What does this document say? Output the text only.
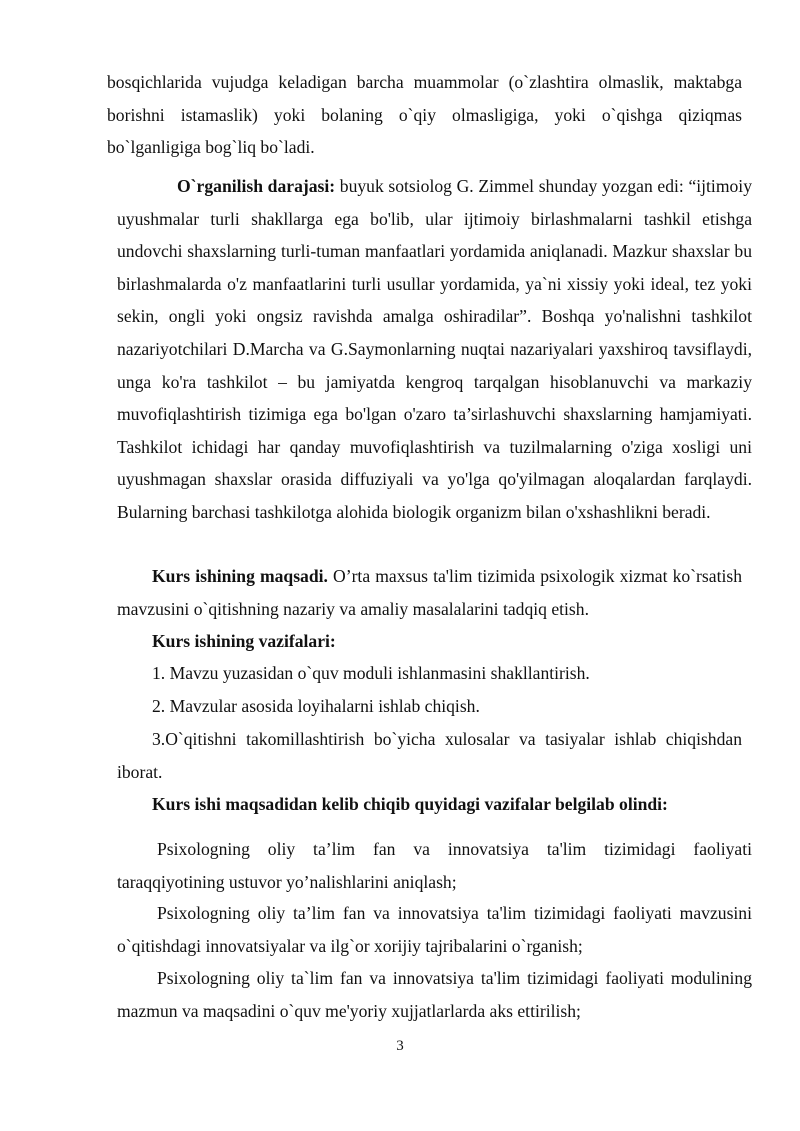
bosqichlarida vujudga keladigan barcha muammolar (o`zlashtira olmaslik, maktabga borishni istamaslik) yoki bolaning o`qiy olmasligiga, yoki o`qishga qiziqmas bo`lganligiga bog`liq bo`ladi.

O`rganilish darajasi: buyuk sotsiolog G. Zimmel shunday yozgan edi: “ijtimoiy uyushmalar turli shakllarga ega bo'lib, ular ijtimoiy birlashmalarni tashkil etishga undovchi shaxslarning turli-tuman manfaatlari yordamida aniqlanadi. Mazkur shaxslar bu birlashmalarda o'z manfaatlarini turli usullar yordamida, ya`ni xissiy yoki ideal, tez yoki sekin, ongli yoki ongsiz ravishda amalga oshiradilar”. Boshqa yo'nalishni tashkilot nazariyotchilari D.Marcha va G.Saymonlarning nuqtai nazariyalari yaxshiroq tavsiflaydi, unga ko'ra tashkilot – bu jamiyatda kengroq tarqalgan hisoblanuvchi va markaziy muvofiqlashtirish tizimiga ega bo'lgan o'zaro ta’sirlashuvchi shaxslarning hamjamiyati. Tashkilot ichidagi har qanday muvofiqlashtirish va tuzilmalarning o'ziga xosligi uni uyushmagan shaxslar orasida diffuziyali va yo'lga qo'yilmagan aloqalardan farqlaydi. Bularning barchasi tashkilotga alohida biologik organizm bilan o'xshashlikni beradi.

Kurs ishining maqsadi. O’rta maxsus ta'lim tizimida psixologik xizmat ko`rsatish mavzusini o`qitishning nazariy va amaliy masalalarini tadqiq etish.

Kurs ishining vazifalari:

1. Mavzu yuzasidan o`quv moduli ishlanmasini shakllantirish.

2. Mavzular asosida loyihalarni ishlab chiqish.

3.O`qitishni takomillashtirish bo`yicha xulosalar va tasiyalar ishlab chiqishdan iborat.

Kurs ishi maqsadidan kelib chiqib quyidagi vazifalar belgilab olindi:

Psixologning oliy ta’lim fan va innovatsiya ta'lim tizimidagi faoliyati taraqqiyotining ustuvor yo’nalishlarini aniqlash;

Psixologning oliy ta’lim fan va innovatsiya ta'lim tizimidagi faoliyati mavzusini o`qitishdagi innovatsiyalar va ilg`or xorijiy tajribalarini o`rganish;

Psixologning oliy ta`lim fan va innovatsiya ta'lim tizimidagi faoliyati modulining mazmun va maqsadini o`quv me'yoriy xujjatlarlarda aks ettirilish;

3
